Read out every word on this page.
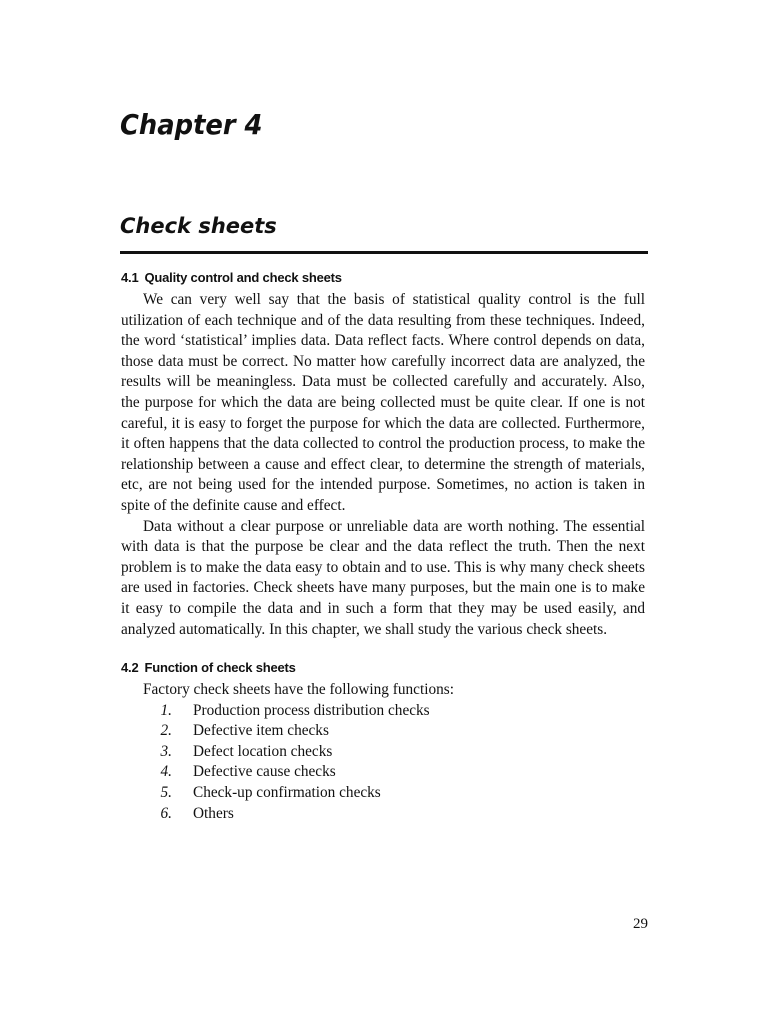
Chapter 4
Check sheets
4.1 Quality control and check sheets

We can very well say that the basis of statistical quality control is the full utilization of each technique and of the data resulting from these techniques. Indeed, the word ‘statistical’ implies data. Data reflect facts. Where control depends on data, those data must be correct. No matter how carefully incorrect data are analyzed, the results will be meaningless. Data must be collected carefully and accurately. Also, the purpose for which the data are being collected must be quite clear. If one is not careful, it is easy to forget the purpose for which the data are collected. Furthermore, it often happens that the data collected to control the production process, to make the relationship between a cause and effect clear, to determine the strength of materials, etc, are not being used for the intended purpose. Sometimes, no action is taken in spite of the definite cause and effect.

Data without a clear purpose or unreliable data are worth nothing. The essential with data is that the purpose be clear and the data reflect the truth. Then the next problem is to make the data easy to obtain and to use. This is why many check sheets are used in factories. Check sheets have many purposes, but the main one is to make it easy to compile the data and in such a form that they may be used easily, and analyzed automatically. In this chapter, we shall study the various check sheets.

4.2 Function of check sheets

Factory check sheets have the following functions:

1.	Production process distribution checks
2.	Defective item checks
3.	Defect location checks
4.	Defective cause checks
5.	Check-up confirmation checks
6.	Others
29
